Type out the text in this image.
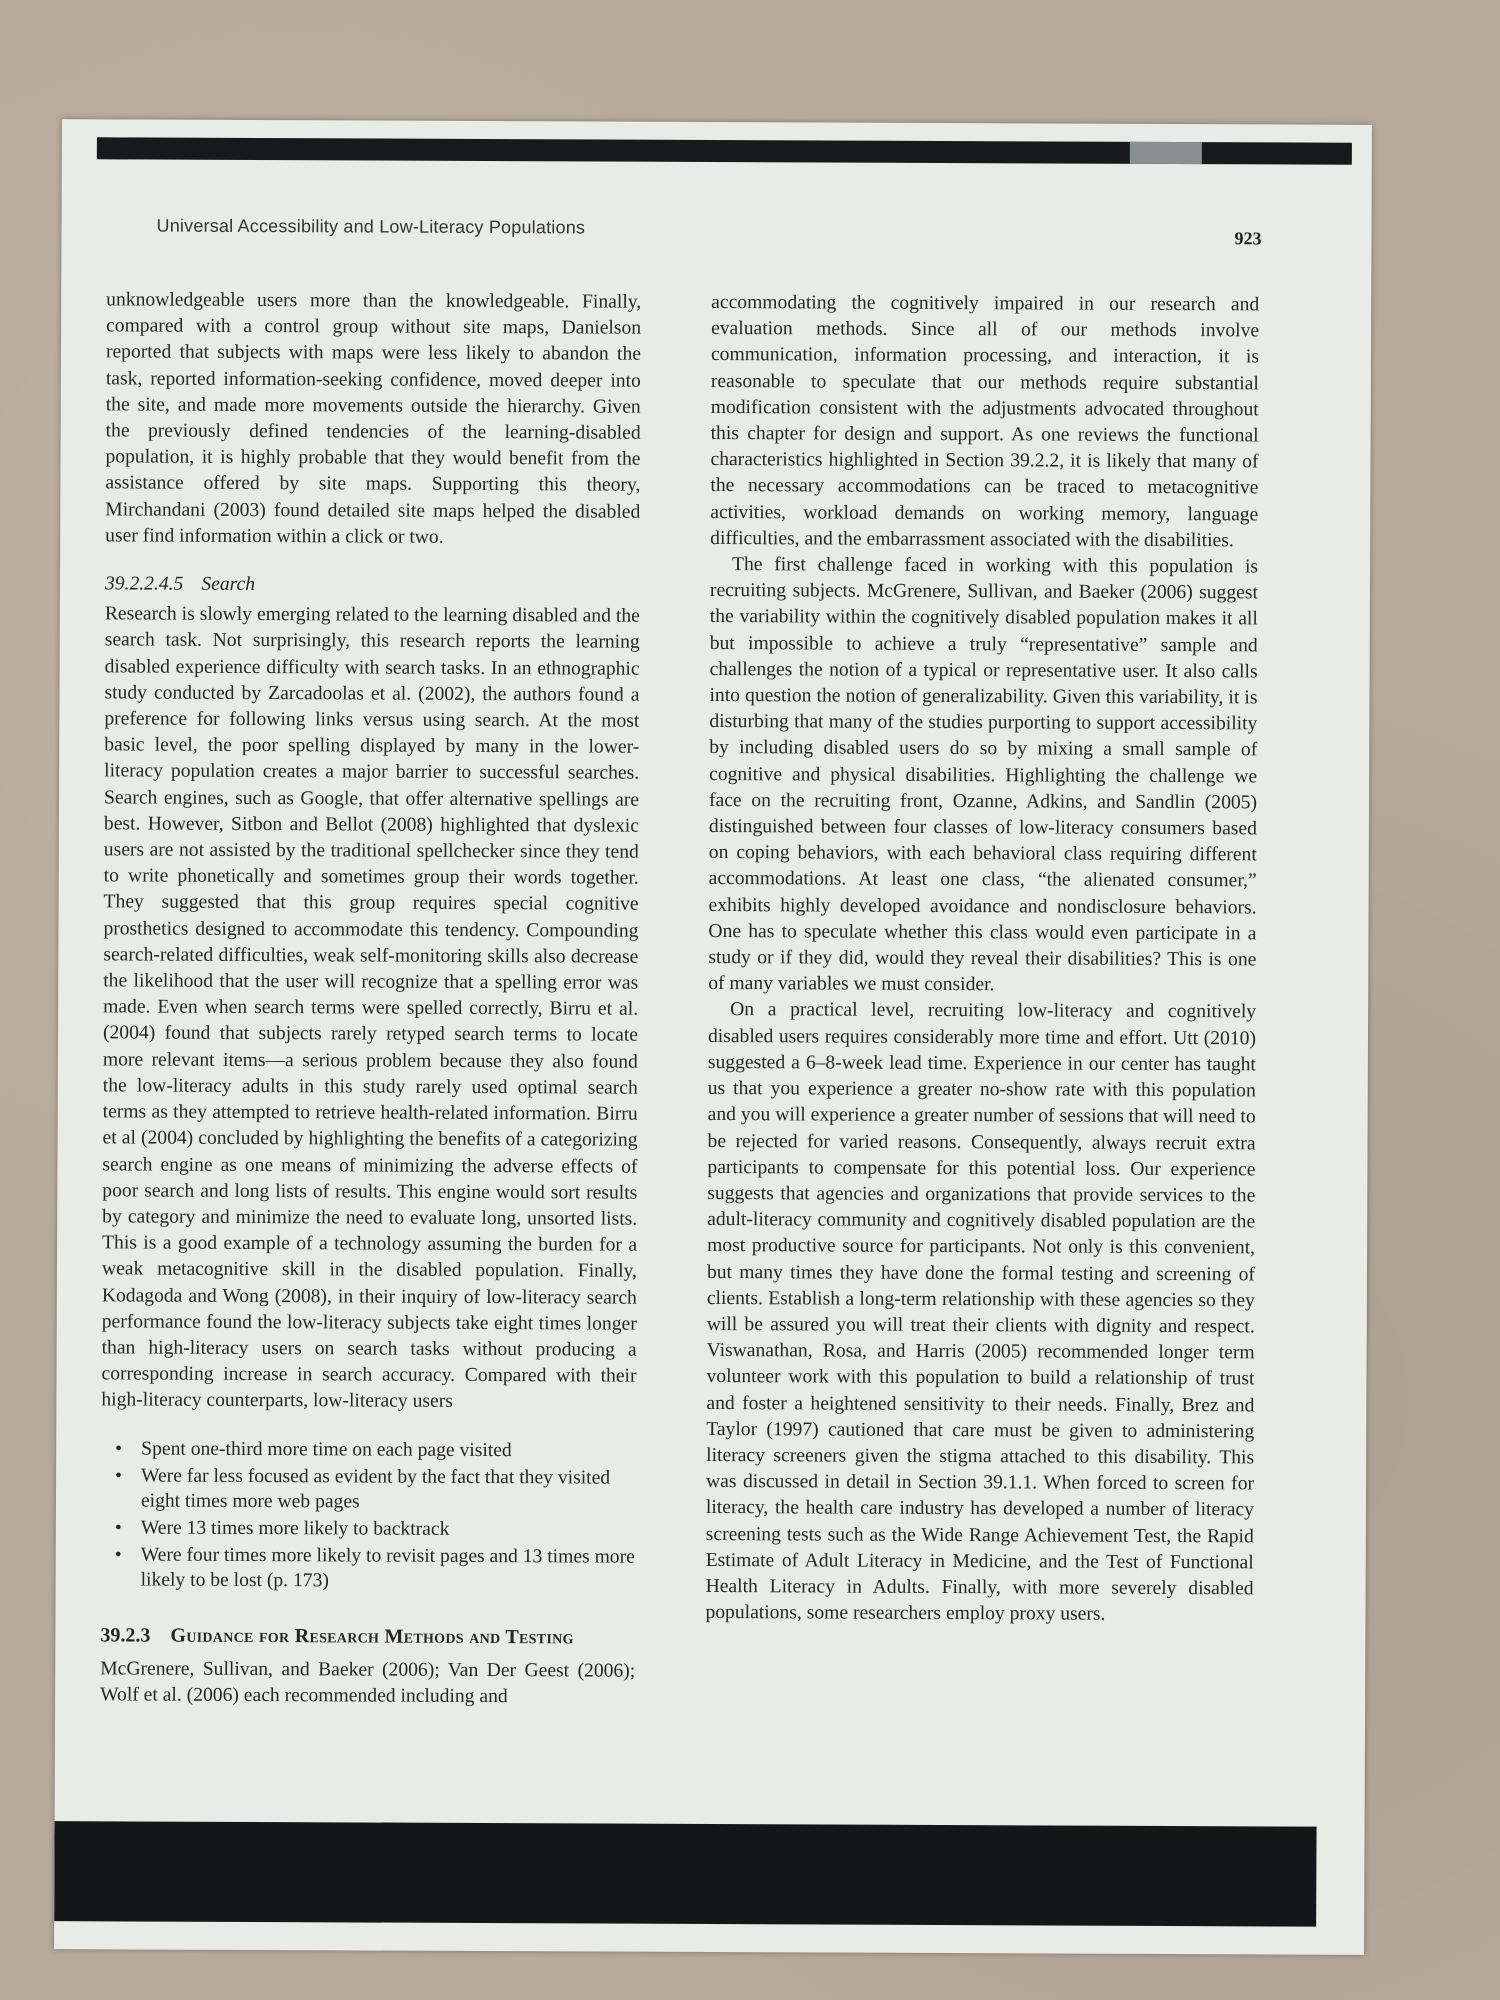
Universal Accessibility and Low-Literacy Populations
923

unknowledgeable users more than the knowledgeable. Finally, compared with a control group without site maps, Danielson reported that subjects with maps were less likely to abandon the task, reported information-seeking confidence, moved deeper into the site, and made more movements outside the hierarchy. Given the previously defined tendencies of the learning-disabled population, it is highly probable that they would benefit from the assistance offered by site maps. Supporting this theory, Mirchandani (2003) found detailed site maps helped the disabled user find information within a click or two.

39.2.2.4.5 Search

Research is slowly emerging related to the learning disabled and the search task. Not surprisingly, this research reports the learning disabled experience difficulty with search tasks. In an ethnographic study conducted by Zarcadoolas et al. (2002), the authors found a preference for following links versus using search. At the most basic level, the poor spelling displayed by many in the lower-literacy population creates a major barrier to successful searches. Search engines, such as Google, that offer alternative spellings are best. However, Sitbon and Bellot (2008) highlighted that dyslexic users are not assisted by the traditional spellchecker since they tend to write phonetically and sometimes group their words together. They suggested that this group requires special cognitive prosthetics designed to accommodate this tendency. Compounding search-related difficulties, weak self-monitoring skills also decrease the likelihood that the user will recognize that a spelling error was made. Even when search terms were spelled correctly, Birru et al. (2004) found that subjects rarely retyped search terms to locate more relevant items—a serious problem because they also found the low-literacy adults in this study rarely used optimal search terms as they attempted to retrieve health-related information. Birru et al (2004) concluded by highlighting the benefits of a categorizing search engine as one means of minimizing the adverse effects of poor search and long lists of results. This engine would sort results by category and minimize the need to evaluate long, unsorted lists. This is a good example of a technology assuming the burden for a weak metacognitive skill in the disabled population. Finally, Kodagoda and Wong (2008), in their inquiry of low-literacy search performance found the low-literacy subjects take eight times longer than high-literacy users on search tasks without producing a corresponding increase in search accuracy. Compared with their high-literacy counterparts, low-literacy users

• Spent one-third more time on each page visited
• Were far less focused as evident by the fact that they visited eight times more web pages
• Were 13 times more likely to backtrack
• Were four times more likely to revisit pages and 13 times more likely to be lost (p. 173)
39.2.3 Guidance for Research Methods and Testing

McGrenere, Sullivan, and Baeker (2006); Van Der Geest (2006); Wolf et al. (2006) each recommended including and

accommodating the cognitively impaired in our research and evaluation methods. Since all of our methods involve communication, information processing, and interaction, it is reasonable to speculate that our methods require substantial modification consistent with the adjustments advocated throughout this chapter for design and support. As one reviews the functional characteristics highlighted in Section 39.2.2, it is likely that many of the necessary accommodations can be traced to metacognitive activities, workload demands on working memory, language difficulties, and the embarrassment associated with the disabilities.

The first challenge faced in working with this population is recruiting subjects. McGrenere, Sullivan, and Baeker (2006) suggest the variability within the cognitively disabled population makes it all but impossible to achieve a truly “representative” sample and challenges the notion of a typical or representative user. It also calls into question the notion of generalizability. Given this variability, it is disturbing that many of the studies purporting to support accessibility by including disabled users do so by mixing a small sample of cognitive and physical disabilities. Highlighting the challenge we face on the recruiting front, Ozanne, Adkins, and Sandlin (2005) distinguished between four classes of low-literacy consumers based on coping behaviors, with each behavioral class requiring different accommodations. At least one class, “the alienated consumer,” exhibits highly developed avoidance and nondisclosure behaviors. One has to speculate whether this class would even participate in a study or if they did, would they reveal their disabilities? This is one of many variables we must consider.

On a practical level, recruiting low-literacy and cognitively disabled users requires considerably more time and effort. Utt (2010) suggested a 6–8-week lead time. Experience in our center has taught us that you experience a greater no-show rate with this population and you will experience a greater number of sessions that will need to be rejected for varied reasons. Consequently, always recruit extra participants to compensate for this potential loss. Our experience suggests that agencies and organizations that provide services to the adult-literacy community and cognitively disabled population are the most productive source for participants. Not only is this convenient, but many times they have done the formal testing and screening of clients. Establish a long-term relationship with these agencies so they will be assured you will treat their clients with dignity and respect. Viswanathan, Rosa, and Harris (2005) recommended longer term volunteer work with this population to build a relationship of trust and foster a heightened sensitivity to their needs. Finally, Brez and Taylor (1997) cautioned that care must be given to administering literacy screeners given the stigma attached to this disability. This was discussed in detail in Section 39.1.1. When forced to screen for literacy, the health care industry has developed a number of literacy screening tests such as the Wide Range Achievement Test, the Rapid Estimate of Adult Literacy in Medicine, and the Test of Functional Health Literacy in Adults. Finally, with more severely disabled populations, some researchers employ proxy users.
